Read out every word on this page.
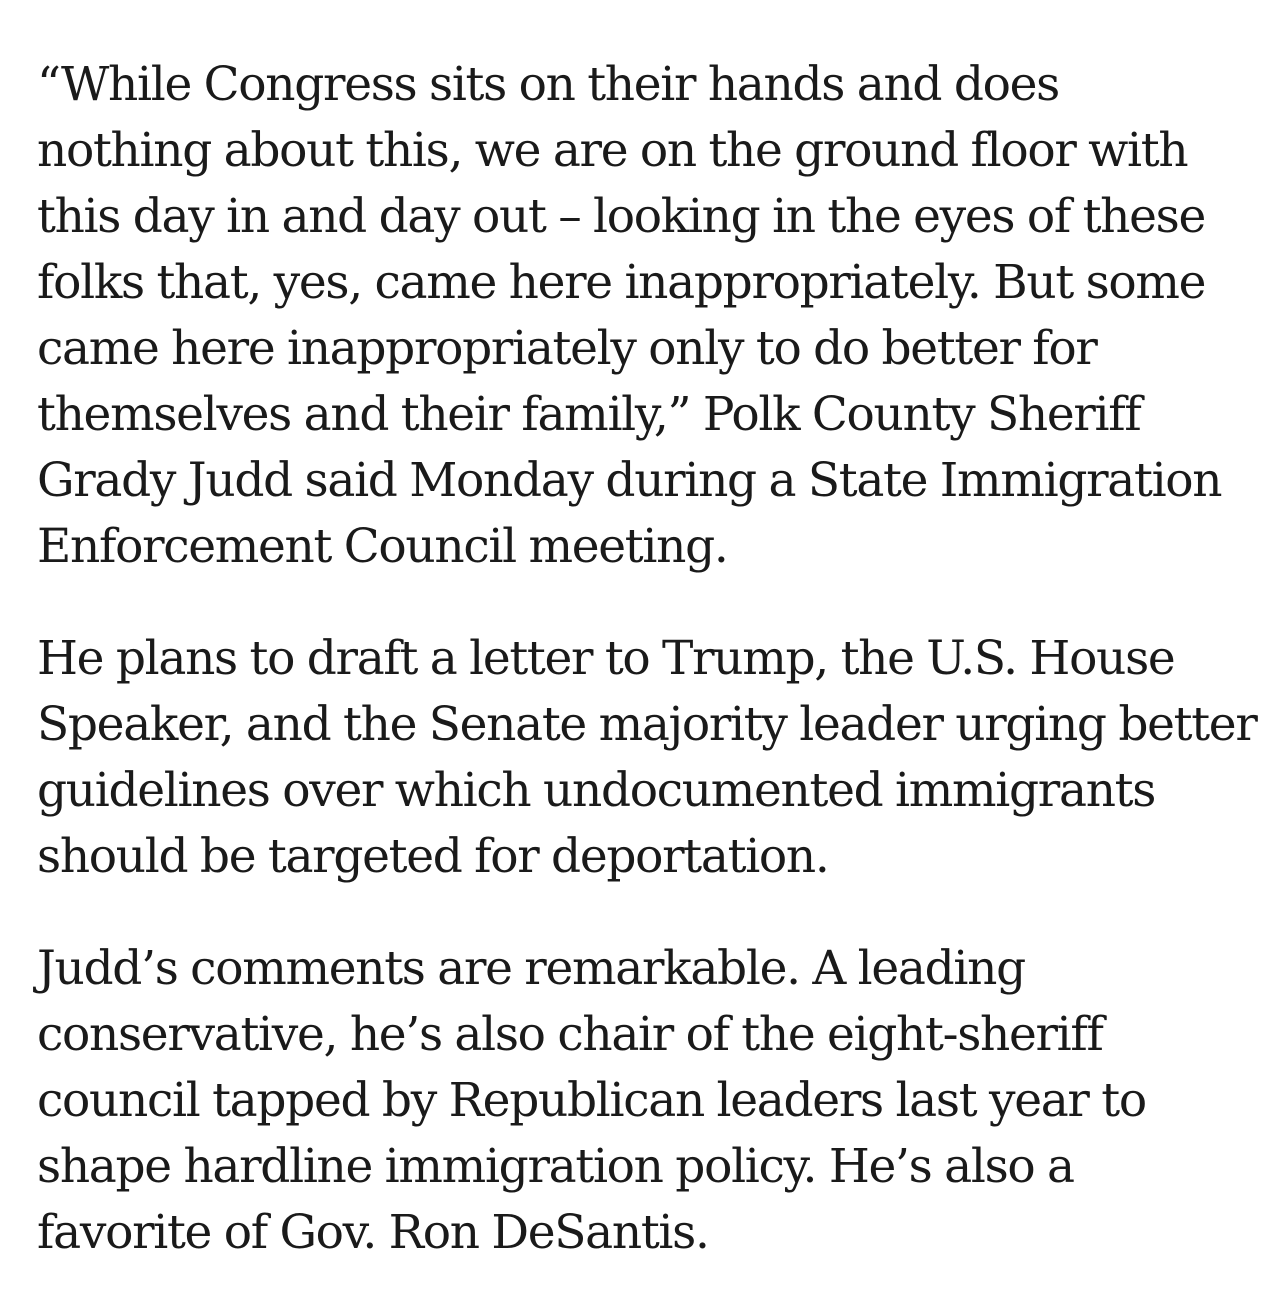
“While Congress sits on their hands and does
nothing about this, we are on the ground floor with
this day in and day out – looking in the eyes of these
folks that, yes, came here inappropriately. But some
came here inappropriately only to do better for
themselves and their family,” Polk County Sheriff
Grady Judd said Monday during a State Immigration
Enforcement Council meeting.

He plans to draft a letter to Trump, the U.S. House
Speaker, and the Senate majority leader urging better
guidelines over which undocumented immigrants
should be targeted for deportation.

Judd’s comments are remarkable. A leading
conservative, he’s also chair of the eight-sheriff
council tapped by Republican leaders last year to
shape hardline immigration policy. He’s also a
favorite of Gov. Ron DeSantis.
